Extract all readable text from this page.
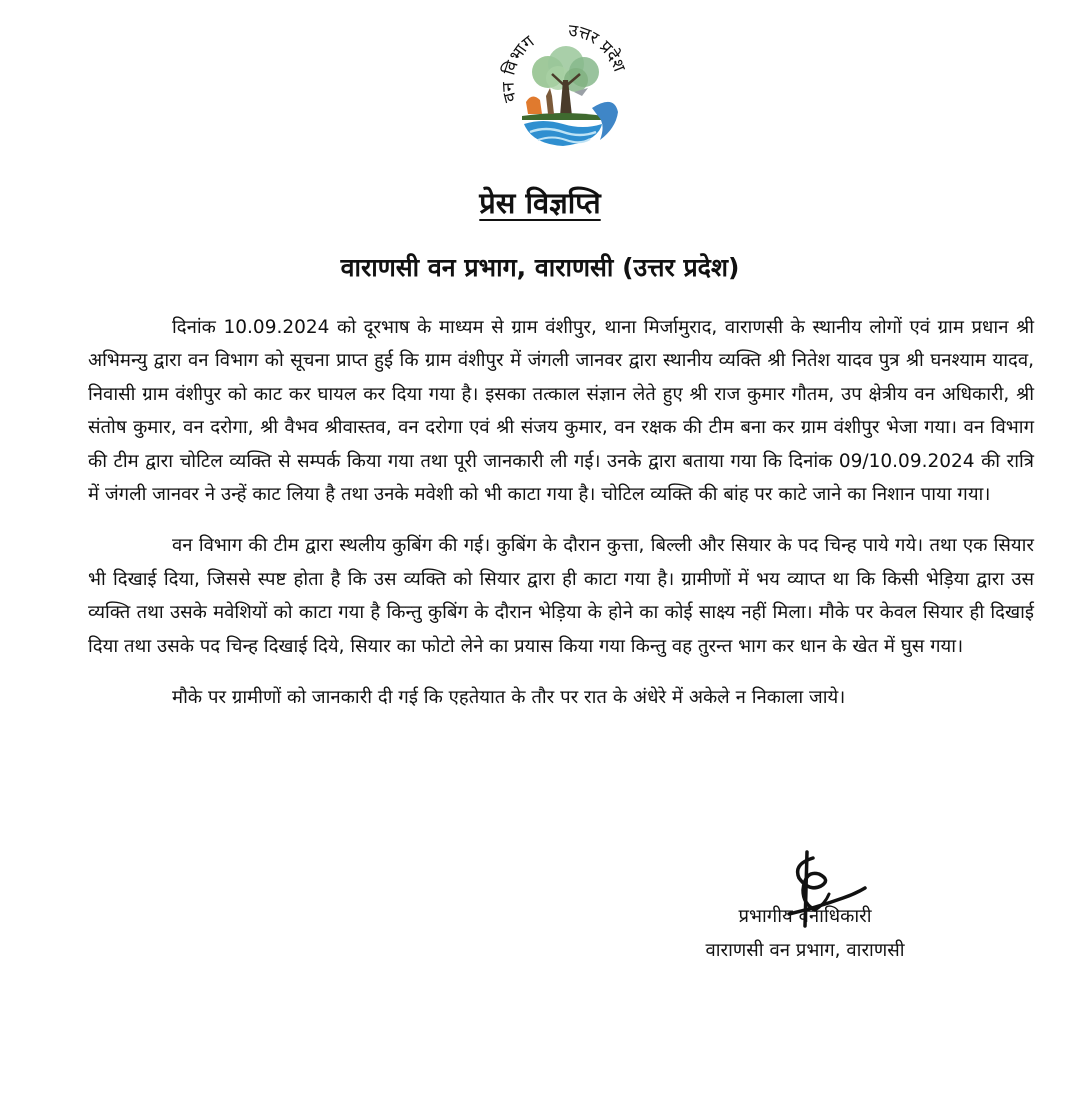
वन विभाग
उत्तर प्रदेश
प्रेस विज्ञप्ति
वाराणसी वन प्रभाग, वाराणसी (उत्तर प्रदेश)

दिनांक 10.09.2024 को दूरभाष के माध्यम से ग्राम वंशीपुर, थाना मिर्जामुराद, वाराणसी के स्थानीय लोगों एवं ग्राम प्रधान श्री अभिमन्यु द्वारा वन विभाग को सूचना प्राप्त हुई कि ग्राम वंशीपुर में जंगली जानवर द्वारा स्थानीय व्यक्ति श्री नितेश यादव पुत्र श्री घनश्याम यादव, निवासी ग्राम वंशीपुर को काट कर घायल कर दिया गया है। इसका तत्काल संज्ञान लेते हुए श्री राज कुमार गौतम, उप क्षेत्रीय वन अधिकारी, श्री संतोष कुमार, वन दरोगा, श्री वैभव श्रीवास्तव, वन दरोगा एवं श्री संजय कुमार, वन रक्षक की टीम बना कर ग्राम वंशीपुर भेजा गया। वन विभाग की टीम द्वारा चोटिल व्यक्ति से सम्पर्क किया गया तथा पूरी जानकारी ली गई। उनके द्वारा बताया गया कि दिनांक 09/10.09.2024 की रात्रि में जंगली जानवर ने उन्हें काट लिया है तथा उनके मवेशी को भी काटा गया है। चोटिल व्यक्ति की बांह पर काटे जाने का निशान पाया गया।

वन विभाग की टीम द्वारा स्थलीय कुबिंग की गई। कुबिंग के दौरान कुत्ता, बिल्ली और सियार के पद चिन्ह पाये गये। तथा एक सियार भी दिखाई दिया, जिससे स्पष्ट होता है कि उस व्यक्ति को सियार द्वारा ही काटा गया है। ग्रामीणों में भय व्याप्त था कि किसी भेड़िया द्वारा उस व्यक्ति तथा उसके मवेशियों को काटा गया है किन्तु कुबिंग के दौरान भेड़िया के होने का कोई साक्ष्य नहीं मिला। मौके पर केवल सियार ही दिखाई दिया तथा उसके पद चिन्ह दिखाई दिये, सियार का फोटो लेने का प्रयास किया गया किन्तु वह तुरन्त भाग कर धान के खेत में घुस गया।

मौके पर ग्रामीणों को जानकारी दी गई कि एहतेयात के तौर पर रात के अंधेरे में अकेले न निकाला जाये।

प्रभागीय वनाधिकारी
वाराणसी वन प्रभाग, वाराणसी
